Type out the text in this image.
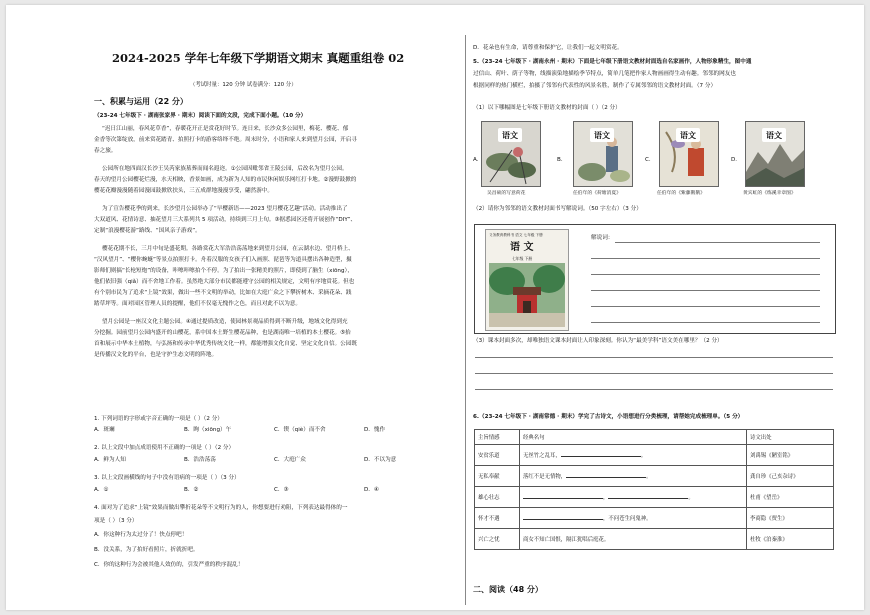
2024-2025 学年七年级下学期语文期末 真题重组卷 02
（考试时量：120 分钟 试卷满分：120 分）
一、积累与运用（22 分）
（23-24 七年级下 · 湖南张家界 · 期末）阅读下面的文段，完成下面小题。（10 分）
“迟日江山丽，春风花草香”，春暖花开正是赏花好时节。连日来，长沙众多公园里，梅花、樱花、郁
金香等次第绽放，前来赏花踏青、拍照打卡的游客络绎不绝。周末时分，小语和家人来到望月公园，开启寻
春之旅。
公园所在地四面汉长沙王吴芮家族墓葬而闻名遐迩。①公园因毗邻省王陵公园，后改名为望月公园。
春天的望月公园樱花烂漫，水天相映，香景如画，成为新为人知的市民休闲娱乐网红打卡地。②漫野鼓掀的
樱花花瓣漫漫随着园漫园鼓掀欣扶头，三五成群地漫漫享受，翩然游中。
为了宣告樱花季的到来，长沙望月公园举办了“早樱新语——2023 望月樱花艺趣”活动。活动推出了
大双道风、花情诗意、抽花望月三大系列共 5 项活动，持续到三月上旬。③据悉园区还将开展创作“DIY”、
定制“浪漫樱花游”路线、“国风亲子游戏”。
樱花花期不长，三月中旬是盛花期。各路赏花大军浩浩荡荡地来到望月公园，在云湖水边、望月桥上、
“汉风望月”、“樱你蜿蜒”等景点拍照打卡。舟着汉服的女孩子们入画照、琵琶等为道具摆出各种造型，摄
影师们则搞“长枪短炮”的设备，咔嚓咔嚓拍个不停。为了拍出一张精美的照片，即使到了脑生（xiōng），
他们依旧强（qiǎ）而不舍地工作着。虽然绝大部分市民都能遵守公园的相关规定，文明有序地赏花。但也
有个别市民为了追求“上镜”效果，做出一些不文明的举动，比如在大庭广众之下攀折树木、采摘花朵、践
踏草坪等。面对园区管理人员的提醒，他们不仅毫无愧作之色，而且对此不以为意。
望月公园是一座汉文化主题公园。④通过提质改造，使园林景观品质得到不断升级，地域文化得到充
分挖掘。园前望月公园内盛开的山樱花，系中国本土野生樱花品种，也是湖南唯一培植的本土樱花。⑤抬
首和展示中华本土植物，与弘扬和传承中华优秀传统文化一样，都能增强文化自觉、坚定文化自信。公园既
是传播汉文化的平台，也是守护生态文明的阵地。
1. 下列词语的字形或字音正确的一项是（ ）（2 分）
A．斑斓	B．眴（xiōng）午	C．锲（qiè）而不舍	D．愧作
2. 以上文段中加点成语使用不正确的一项是（ ）（2 分）
A．鲜为人知	B．浩浩荡荡	C．大庭广众	D．不以为意
3. 以上文段画横线的句子中没有语病的一项是（ ）（3 分）
A．①	B．②	C．③	D．④
4. 面对为了追求“上镜”效果而做出攀折花朵等不文明行为的人，你想要进行劝阻，下列表达最得体的一
项是（ ）（3 分）
A．你这种行为太过分了！快点停吧！
B．没关系，为了拍好看照片，折就折吧。
C．你的这种行为会被其他人效仿的，引发严重的秩序混乱！
D．花朵也有生命，请尊重和保护它，让我们一起文明赏花。
5.（23-24 七年级下 · 湖南永州 · 期末）下面是七年级下册语文教材封面选自名家画作，人物形象精生，图中通
过信山、荷叶、荫子等物，线描演染地描绘季节特点，简单几笔把作家人物画画得生动有趣。邻邻的网友也
根据同样的热门横栏，拍摄了邻邻有代表性的风景名胜，制作了专属邻邻的语文教材封面。（7 分）
（1）以下哪幅图是七年级下册语文教材的封面（ ）（2 分）
A.
语文
B.
语文
C.
语文
D.
语文
吴昌硕的写意荷花	任伯年的《荷塘消夏》	任伯年的《紫藤鹅鹅》	黄宾虹的《练溪幸章图》
（2）请你为邻邻的语文教材封面书写解说词。（50 字左右）（3 分）
义务教育教科书 语文 七年级 下册
语 文
七年级 下册
解说词：
（3）课本封面多次，却唯独语文课本封面让人印象深刻。你认为“最美学科”语文美在哪里？（2 分）
6.（23-24 七年级下 · 湖南常德 · 期末）学完了古诗文，小语想进行分类梳理，请帮她完成梳理单。（5 分）
主旨情感	经典名句	诗文出处
安贫乐道	无丝竹之乱耳， 。	刘禹锡《陋室铭》
无私奉献	落红不是无情物， 。	龚自珍《己亥杂诗》
雄心壮志	， 。	杜甫《望岳》
怀才不遇	，不问苍生问鬼神。	李商隐《贾生》
兴亡之忧	商女不知亡国恨，隔江犹唱后庭花。	杜牧《泊秦淮》
二、阅读（48 分）
